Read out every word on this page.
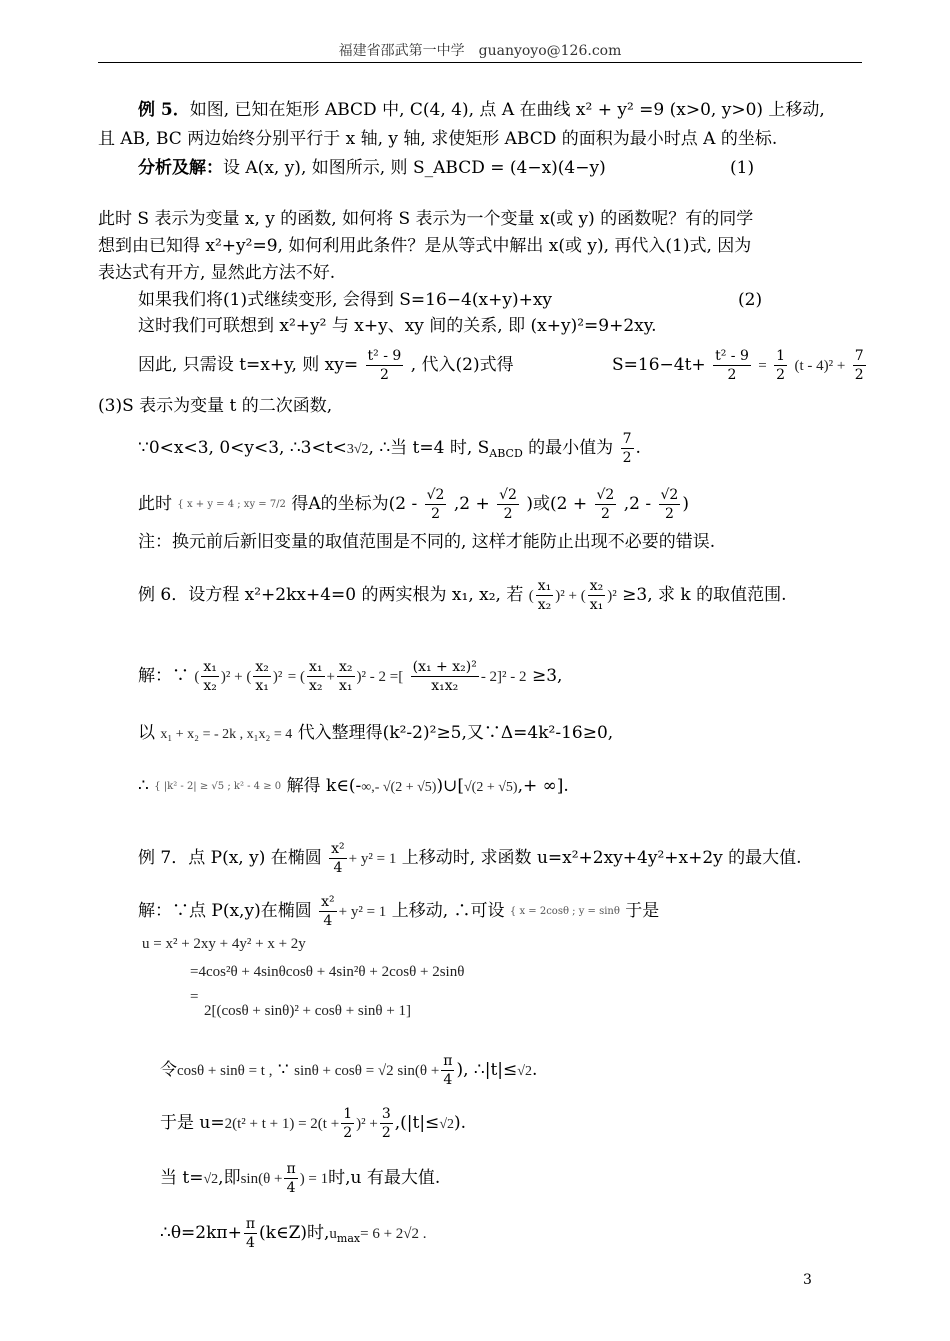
福建省邵武第一中学　guanyoyo@126.com
例 5．如图, 已知在矩形 ABCD 中, C(4, 4), 点 A 在曲线 x² + y² =9 (x>0, y>0) 上移动,
且 AB, BC 两边始终分别平行于 x 轴, y 轴, 求使矩形 ABCD 的面积为最小时点 A 的坐标.
分析及解：设 A(x, y), 如图所示, 则 S_ABCD = (4−x)(4−y)	(1)
此时 S 表示为变量 x, y 的函数, 如何将 S 表示为一个变量 x(或 y) 的函数呢？有的同学
想到由已知得 x²+y²=9, 如何利用此条件？是从等式中解出 x(或 y), 再代入(1)式, 因为
表达式有开方, 显然此方法不好.
如果我们将(1)式继续变形, 会得到 S=16−4(x+y)+xy	(2)
这时我们可联想到 x²+y² 与 x+y、xy 间的关系, 即 (x+y)²=9+2xy.
因此, 只需设 t=x+y, 则 $xy= \frac{\text{t² - 9}}{2}$ , 代入(2)式得	$S=16-4t+ \frac{\text{t² - 9}}{2} = \frac{1}{2} (t - 4)^2 + \frac{7}{2}$
(3)S 表示为变量 t 的二次函数,
∵0<x<3, 0<y<3, ∴3<t<3√2, ∴当 t=4 时, $S_{ABCD}$ 的最小值为 $\frac{7}{2}$ .
此时 { x + y = 4 ; xy = 7/2 得A的坐标为($2 - \frac{√2}{2} ,2 + \frac{√2}{2}$ )或($2 + \frac{√2}{2} ,2 - \frac{√2}{2}$ )
注：换元前后新旧变量的取值范围是不同的, 这样才能防止出现不必要的错误.
例 6．设方程 x²+2kx+4=0 的两实根为 x₁, x₂, 若 ( $\frac{\text{x₁}}{\text{x₂}} )^2$ + ( $\frac{\text{x₂}}{\text{x₁}} )^2 \ge 3$, 求 k 的取值范围.
解：∵ ( $\frac{\text{x₁}}{\text{x₂}} )^2$ + ( $\frac{\text{x₂}}{\text{x₁}} )^2$ = ( $\frac{\text{x₁}}{\text{x₂}} + \frac{\text{x₂}}{\text{x₁}} )^2 - 2$ =[ $\frac{\text{(x₁ + x₂)²}}{\text{x₁x₂}} - 2]^2 - 2 \ge 3$,
以 x₁ + x₂ = - 2k , x₁x₂ = 4 代入整理得(k²-2)²≥5,又∵Δ=4k²-16≥0,
∴ { |k² - 2| ≥ √5 ; k² - 4 ≥ 0 解得 k∈(-∞,- √(2 + √5))∪[√(2 + √5),+ ∞].
例 7．点 P(x, y) 在椭圆 $\frac{\text{x²}}{4} + y^2 = 1$ 上移动时, 求函数 u=x²+2xy+4y²+x+2y 的最大值.
解：∵点 P(x,y)在椭圆 $\frac{\text{x²}}{4} + y^2 = 1$ 上移动, ∴可设 { x = 2cosθ ; y = sinθ 于是
u = x² + 2xy + 4y² + x + 2y
=4cos²θ + 4sinθcosθ + 4sin²θ + 2cosθ + 2sinθ
=
2[(cosθ + sinθ)² + cosθ + sinθ + 1]
令cosθ + sinθ = t , ∵ sinθ + cosθ = √2 $\sin(\theta + \frac{\pi}{4}$ ), ∴|t|≤√2.
于是 $u=2(t^2 + t + 1) = 2(t + \frac{1}{2} )^2 + \frac{3}{2} ,(|t|\le√2)$.
当 t=√2,即$\sin(\theta + \frac{\pi}{4}$ ) = 1时,u 有最大值.
∴θ=2kπ+ $\frac{\pi}{4}$ (k∈Z)时$,u_{max}= 6 + 2√2$ .
3
